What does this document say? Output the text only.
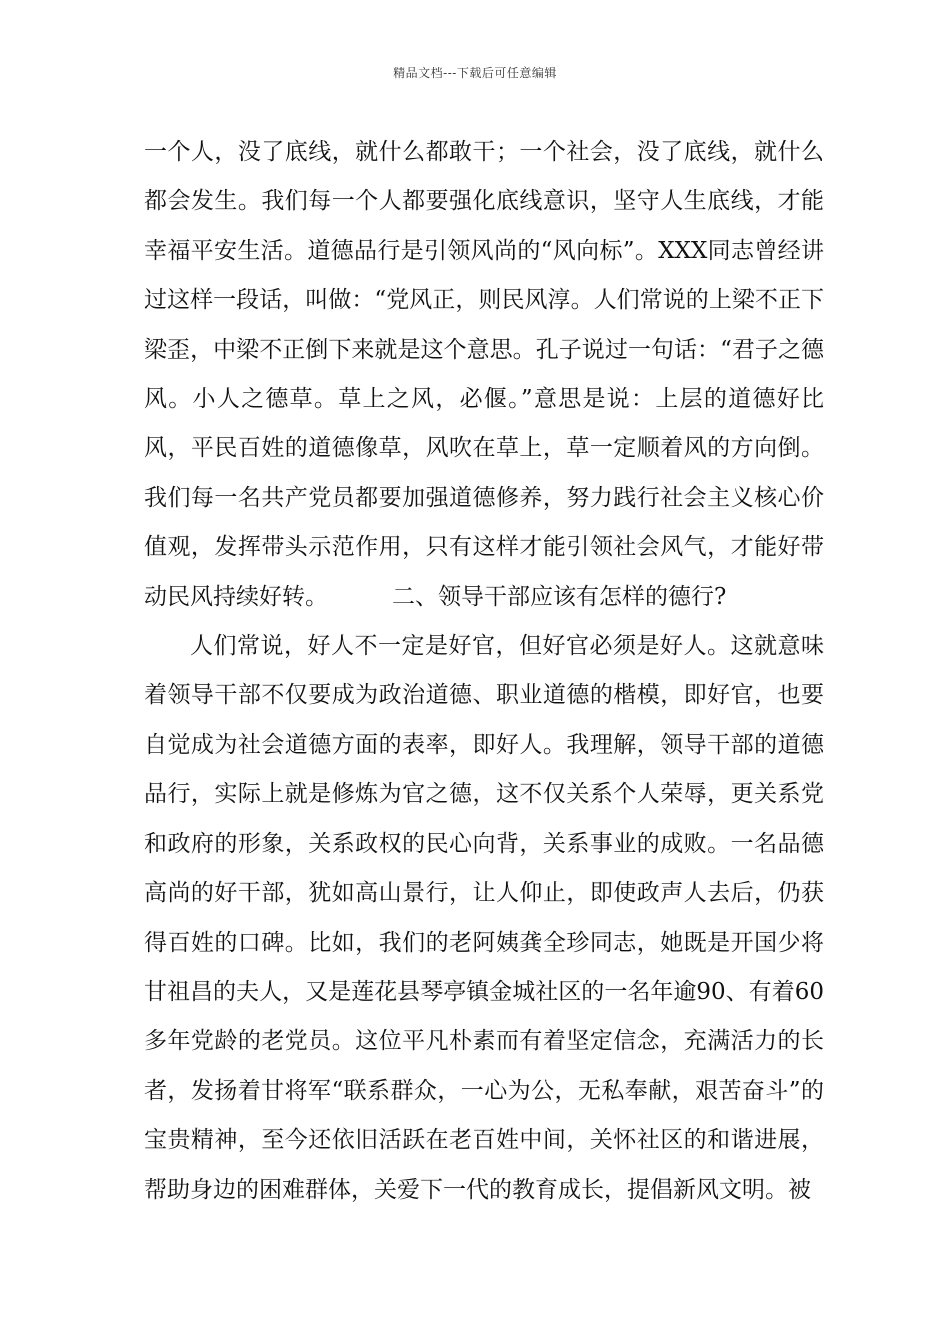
精品文档---下载后可任意编辑

一个人，没了底线，就什么都敢干；一个社会，没了底线，就什么都会发生。我们每一个人都要强化底线意识，坚守人生底线，才能幸福平安生活。道德品行是引领风尚的“风向标”。XXX同志曾经讲过这样一段话，叫做：“党风正，则民风淳。人们常说的上梁不正下梁歪，中梁不正倒下来就是这个意思。孔子说过一句话：“君子之德风。小人之德草。草上之风，必偃。”意思是说：上层的道德好比风，平民百姓的道德像草，风吹在草上，草一定顺着风的方向倒。我们每一名共产党员都要加强道德修养，努力践行社会主义核心价值观，发挥带头示范作用，只有这样才能引领社会风气，才能好带动民风持续好转。	二、领导干部应该有怎样的德行?

人们常说，好人不一定是好官，但好官必须是好人。这就意味着领导干部不仅要成为政治道德、职业道德的楷模，即好官，也要自觉成为社会道德方面的表率，即好人。我理解，领导干部的道德品行，实际上就是修炼为官之德，这不仅关系个人荣辱，更关系党和政府的形象，关系政权的民心向背，关系事业的成败。一名品德高尚的好干部，犹如高山景行，让人仰止，即使政声人去后，仍获得百姓的口碑。比如，我们的老阿姨龚全珍同志，她既是开国少将甘祖昌的夫人，又是莲花县琴亭镇金城社区的一名年逾90、有着60多年党龄的老党员。这位平凡朴素而有着坚定信念，充满活力的长者，发扬着甘将军“联系群众，一心为公，无私奉献，艰苦奋斗”的宝贵精神，至今还依旧活跃在老百姓中间，关怀社区的和谐进展，帮助身边的困难群体，关爱下一代的教育成长，提倡新风文明。被
